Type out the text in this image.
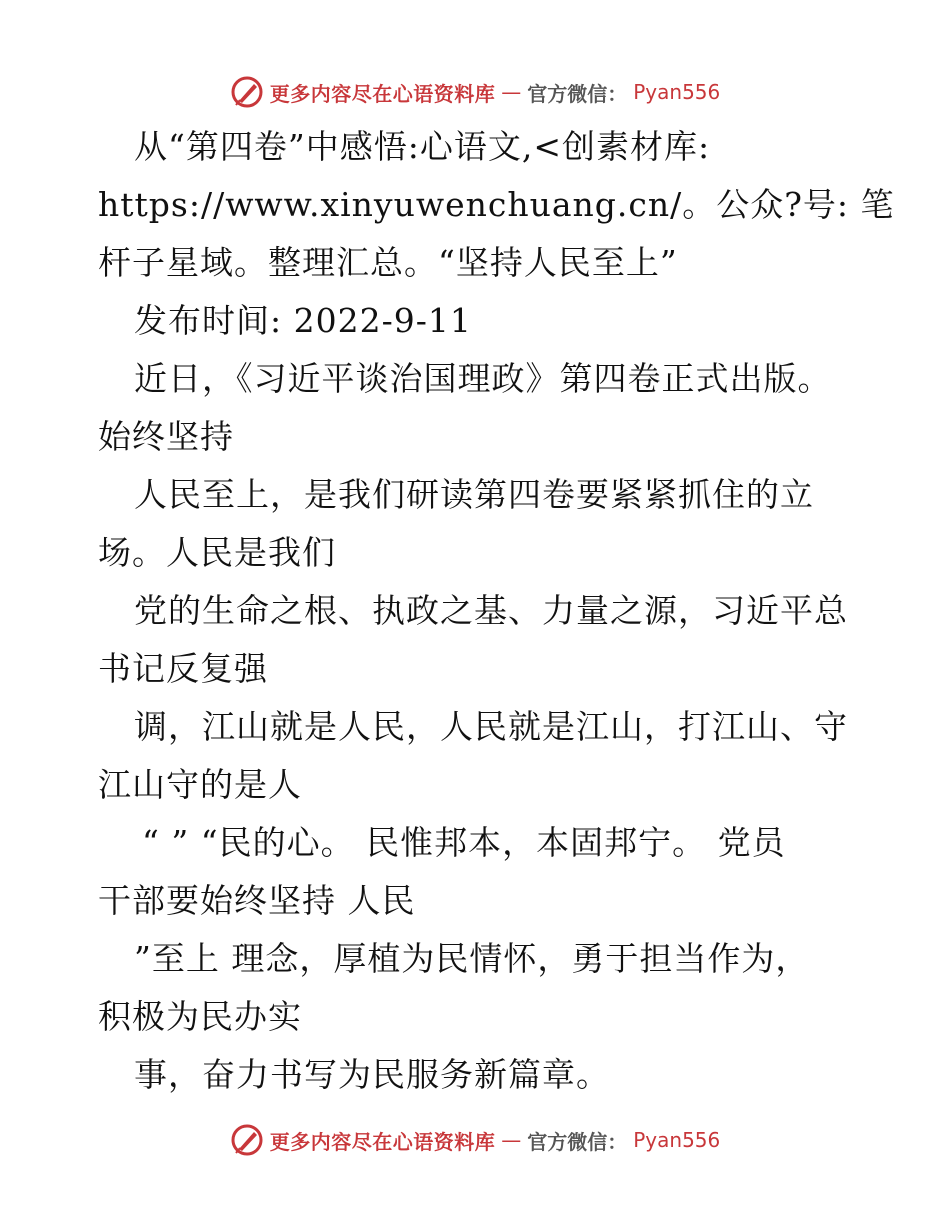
更多内容尽在心语资料库 — 官方微信： Pyan556
从“第四卷”中感悟:心语文,<创素材库:
https://www.xinyuwenchuang.cn/。公众?号: 笔
杆子星域。整理汇总。“坚持人民至上”
发布时间: 2022-9-11
近日，《习近平谈治国理政》第四卷正式出版。
始终坚持
人民至上，是我们研读第四卷要紧紧抓住的立
场。人民是我们
党的生命之根、执政之基、力量之源，习近平总
书记反复强
调，江山就是人民，人民就是江山，打江山、守
江山守的是人
“ ” “民的心。 民惟邦本，本固邦宁。 党员
干部要始终坚持 人民
”至上 理念，厚植为民情怀，勇于担当作为，
积极为民办实
事，奋力书写为民服务新篇章。
更多内容尽在心语资料库 — 官方微信： Pyan556
